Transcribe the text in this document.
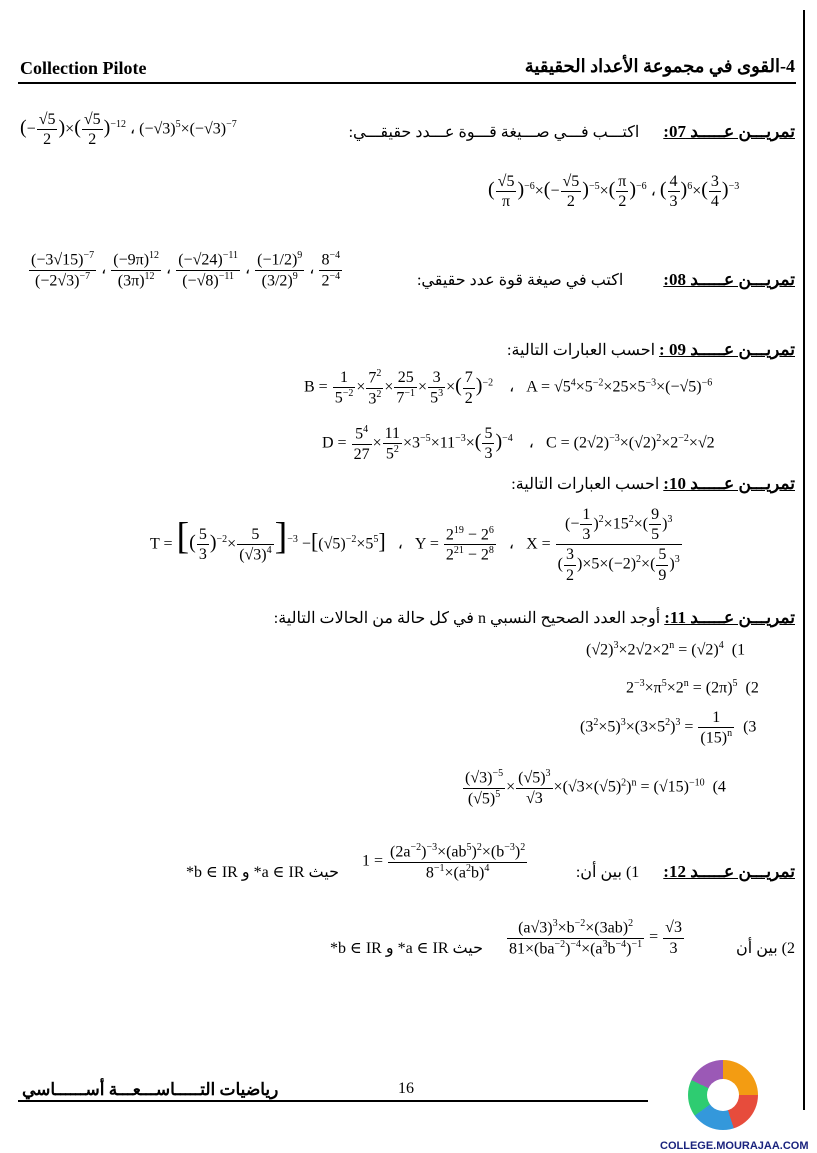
Collection Pilote	4-القوى في مجموعة الأعداد الحقيقية
تمريـــن عـــــد 07:      اكتـــب فـــي صـــيغة قـــوة عـــدد حقيقـــي:
(− $\frac{√5}{2}$ )×( $\frac{√5}{2} )^{-12}$ ، $(-√3)^5\times(-√3)^{-7}$
( $\frac{√5}{\pi} )^{-6}\times(- \frac{√5}{2} )^{-5}\times( \frac{\pi}{2} )^{-6}$ ، ( $\frac{4}{3} )^6\times( \frac{3}{4} )^{-3}$
تمريـــن عـــــد 08:          اكتب في صيغة قوة عدد حقيقي:
$\frac{(-3√15)^{-7}}{(-2√3)^{-7}}$ ، $\frac{(-9\pi)^{12}}{(3\pi)^{12}}$ ، $\frac{(-√24)^{-11}}{(-√8)^{-11}}$ ، $\frac{(-1/2)^9}{(3/2)^9}$ ، $\frac{8^{-4}}{2^{-4}}$
تمريـــن عـــــد 09 : احسب العبارات التالية:
$B = \frac{1}{5^{-2}} \times \frac{7^2}{3^2} \times \frac{25}{7^{-1}} \times \frac{3}{5^3}$ ×( $\frac{7}{2} )^{-2}$ ،   $A = √5^4\times 5^{-2}\times 25\times 5^{-3}\times(-√5)^{-6}$
$D = \frac{5^4}{27} \times \frac{11}{5^2} \times 3^{-5}\times 11^{-3}\times( \frac{5}{3} )^{-4}$ ،   $C = (2√2)^{-3}\times(√2)^2\times 2^{-2}\times√2$
تمريـــن عـــــد 10: احسب العبارات التالية:
T = [( $\frac{5}{3} )^{-2}\times \frac{5}{(√3)^4} ]^{-3} -[(√5)^{-2}\times 5^5]$ ،   $Y = \frac{2^{19} - 2^6}{2^{21} - 2^8}$ ،   $X = \frac{(- \frac{1}{3} )^2\times 15^2\times( \frac{9}{5} )^3}{( \frac{3}{2} )\times 5\times(-2)^2\times( \frac{5}{9} )^3}$
تمريـــن عـــــد 11: أوجد العدد الصحيح النسبي n في كل حالة من الحالات التالية:
$(√2)^3\times 2√2\times 2^n = (√2)^4$ (1
$2^{-3}\times\pi^5\times 2^n = (2\pi)^5$ (2
$(3^2\times 5)^3\times(3\times 5^2)^3 = \frac{1}{(15)^n} (3$
$\frac{(√3)^{-5}}{(√5)^5} \times \frac{(√5)^3}{√3} \times(√3\times(√5)^2)^n = (√15)^{-10}$ (4
تمريـــن عـــــد 12:      1) بين أن:
$1 = \frac{(2a^{-2})^{-3}\times(ab^5)^2\times(b^{-3})^2}{8^{-1}\times(a^2b)^4}$
حيث a ∈ IR* و b ∈ IR*
2) بين أن
$\frac{(a√3)^3\times b^{-2}\times(3ab)^2}{81\times(ba^{-2})^{-4}\times(a^3b^{-4})^{-1}} = \frac{√3}{3}$
حيث a ∈ IR* و b ∈ IR*
رياضيات التـــــاســـعـــة أســــــاسي	16
COLLEGE.MOURAJAA.COM
